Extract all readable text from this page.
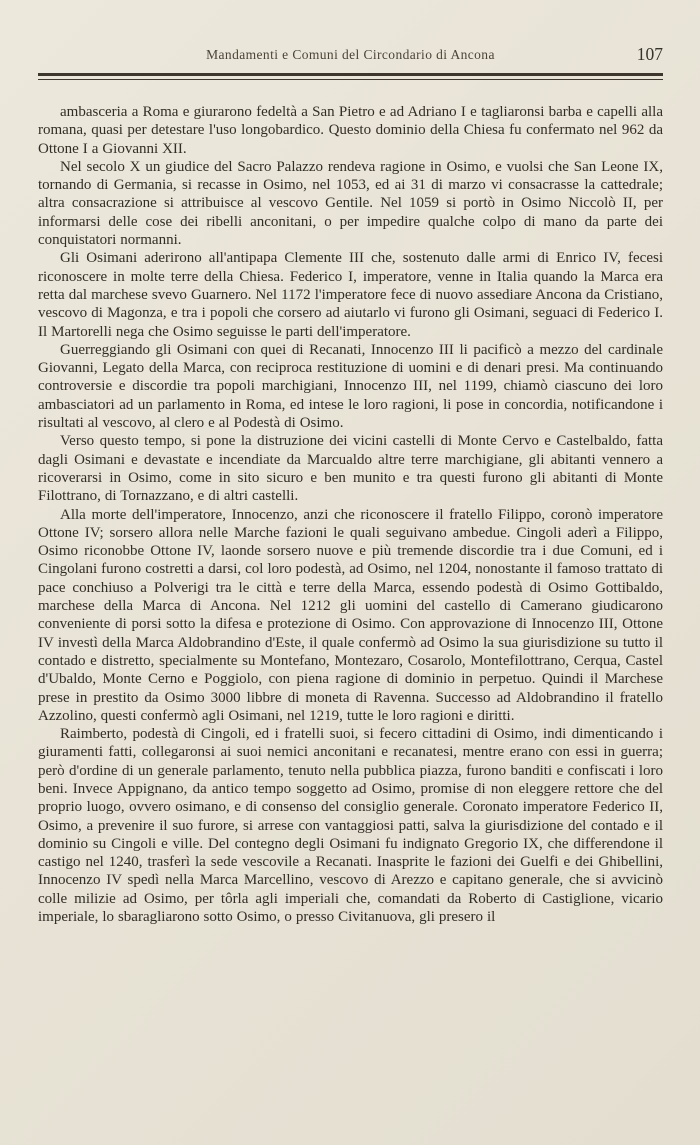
Mandamenti e Comuni del Circondario di Ancona	107

ambasceria a Roma e giurarono fedeltà a San Pietro e ad Adriano I e tagliaronsi barba e capelli alla romana, quasi per detestare l'uso longobardico. Questo dominio della Chiesa fu confermato nel 962 da Ottone I a Giovanni XII.

Nel secolo X un giudice del Sacro Palazzo rendeva ragione in Osimo, e vuolsi che San Leone IX, tornando di Germania, si recasse in Osimo, nel 1053, ed ai 31 di marzo vi consacrasse la cattedrale; altra consacrazione si attribuisce al vescovo Gentile. Nel 1059 si portò in Osimo Niccolò II, per informarsi delle cose dei ribelli anconitani, o per impedire qualche colpo di mano da parte dei conquistatori normanni.

Gli Osimani aderirono all'antipapa Clemente III che, sostenuto dalle armi di Enrico IV, fecesi riconoscere in molte terre della Chiesa. Federico I, imperatore, venne in Italia quando la Marca era retta dal marchese svevo Guarnero. Nel 1172 l'imperatore fece di nuovo assediare Ancona da Cristiano, vescovo di Magonza, e tra i popoli che corsero ad aiutarlo vi furono gli Osimani, seguaci di Federico I. Il Martorelli nega che Osimo seguisse le parti dell'imperatore.

Guerreggiando gli Osimani con quei di Recanati, Innocenzo III li pacificò a mezzo del cardinale Giovanni, Legato della Marca, con reciproca restituzione di uomini e di denari presi. Ma continuando controversie e discordie tra popoli marchigiani, Innocenzo III, nel 1199, chiamò ciascuno dei loro ambasciatori ad un parlamento in Roma, ed intese le loro ragioni, li pose in concordia, notificandone i risultati al vescovo, al clero e al Podestà di Osimo.

Verso questo tempo, si pone la distruzione dei vicini castelli di Monte Cervo e Castelbaldo, fatta dagli Osimani e devastate e incendiate da Marcualdo altre terre marchigiane, gli abitanti vennero a ricoverarsi in Osimo, come in sito sicuro e ben munito e tra questi furono gli abitanti di Monte Filottrano, di Tornazzano, e di altri castelli.

Alla morte dell'imperatore, Innocenzo, anzi che riconoscere il fratello Filippo, coronò imperatore Ottone IV; sorsero allora nelle Marche fazioni le quali seguivano ambedue. Cingoli aderì a Filippo, Osimo riconobbe Ottone IV, laonde sorsero nuove e più tremende discordie tra i due Comuni, ed i Cingolani furono costretti a darsi, col loro podestà, ad Osimo, nel 1204, nonostante il famoso trattato di pace conchiuso a Polverigi tra le città e terre della Marca, essendo podestà di Osimo Gottibaldo, marchese della Marca di Ancona. Nel 1212 gli uomini del castello di Camerano giudicarono conveniente di porsi sotto la difesa e protezione di Osimo. Con approvazione di Innocenzo III, Ottone IV investì della Marca Aldobrandino d'Este, il quale confermò ad Osimo la sua giurisdizione su tutto il contado e distretto, specialmente su Montefano, Montezaro, Cosarolo, Montefilottrano, Cerqua, Castel d'Ubaldo, Monte Cerno e Poggiolo, con piena ragione di dominio in perpetuo. Quindi il Marchese prese in prestito da Osimo 3000 libbre di moneta di Ravenna. Successo ad Aldobrandino il fratello Azzolino, questi confermò agli Osimani, nel 1219, tutte le loro ragioni e diritti.

Raimberto, podestà di Cingoli, ed i fratelli suoi, si fecero cittadini di Osimo, indi dimenticando i giuramenti fatti, collegaronsi ai suoi nemici anconitani e recanatesi, mentre erano con essi in guerra; però d'ordine di un generale parlamento, tenuto nella pubblica piazza, furono banditi e confiscati i loro beni. Invece Appignano, da antico tempo soggetto ad Osimo, promise di non eleggere rettore che del proprio luogo, ovvero osimano, e di consenso del consiglio generale. Coronato imperatore Federico II, Osimo, a prevenire il suo furore, si arrese con vantaggiosi patti, salva la giurisdizione del contado e il dominio su Cingoli e ville. Del contegno degli Osimani fu indignato Gregorio IX, che differendone il castigo nel 1240, trasferì la sede vescovile a Recanati. Inasprite le fazioni dei Guelfi e dei Ghibellini, Innocenzo IV spedì nella Marca Marcellino, vescovo di Arezzo e capitano generale, che si avvicinò colle milizie ad Osimo, per tôrla agli imperiali che, comandati da Roberto di Castiglione, vicario imperiale, lo sbaragliarono sotto Osimo, o presso Civitanuova, gli presero il
